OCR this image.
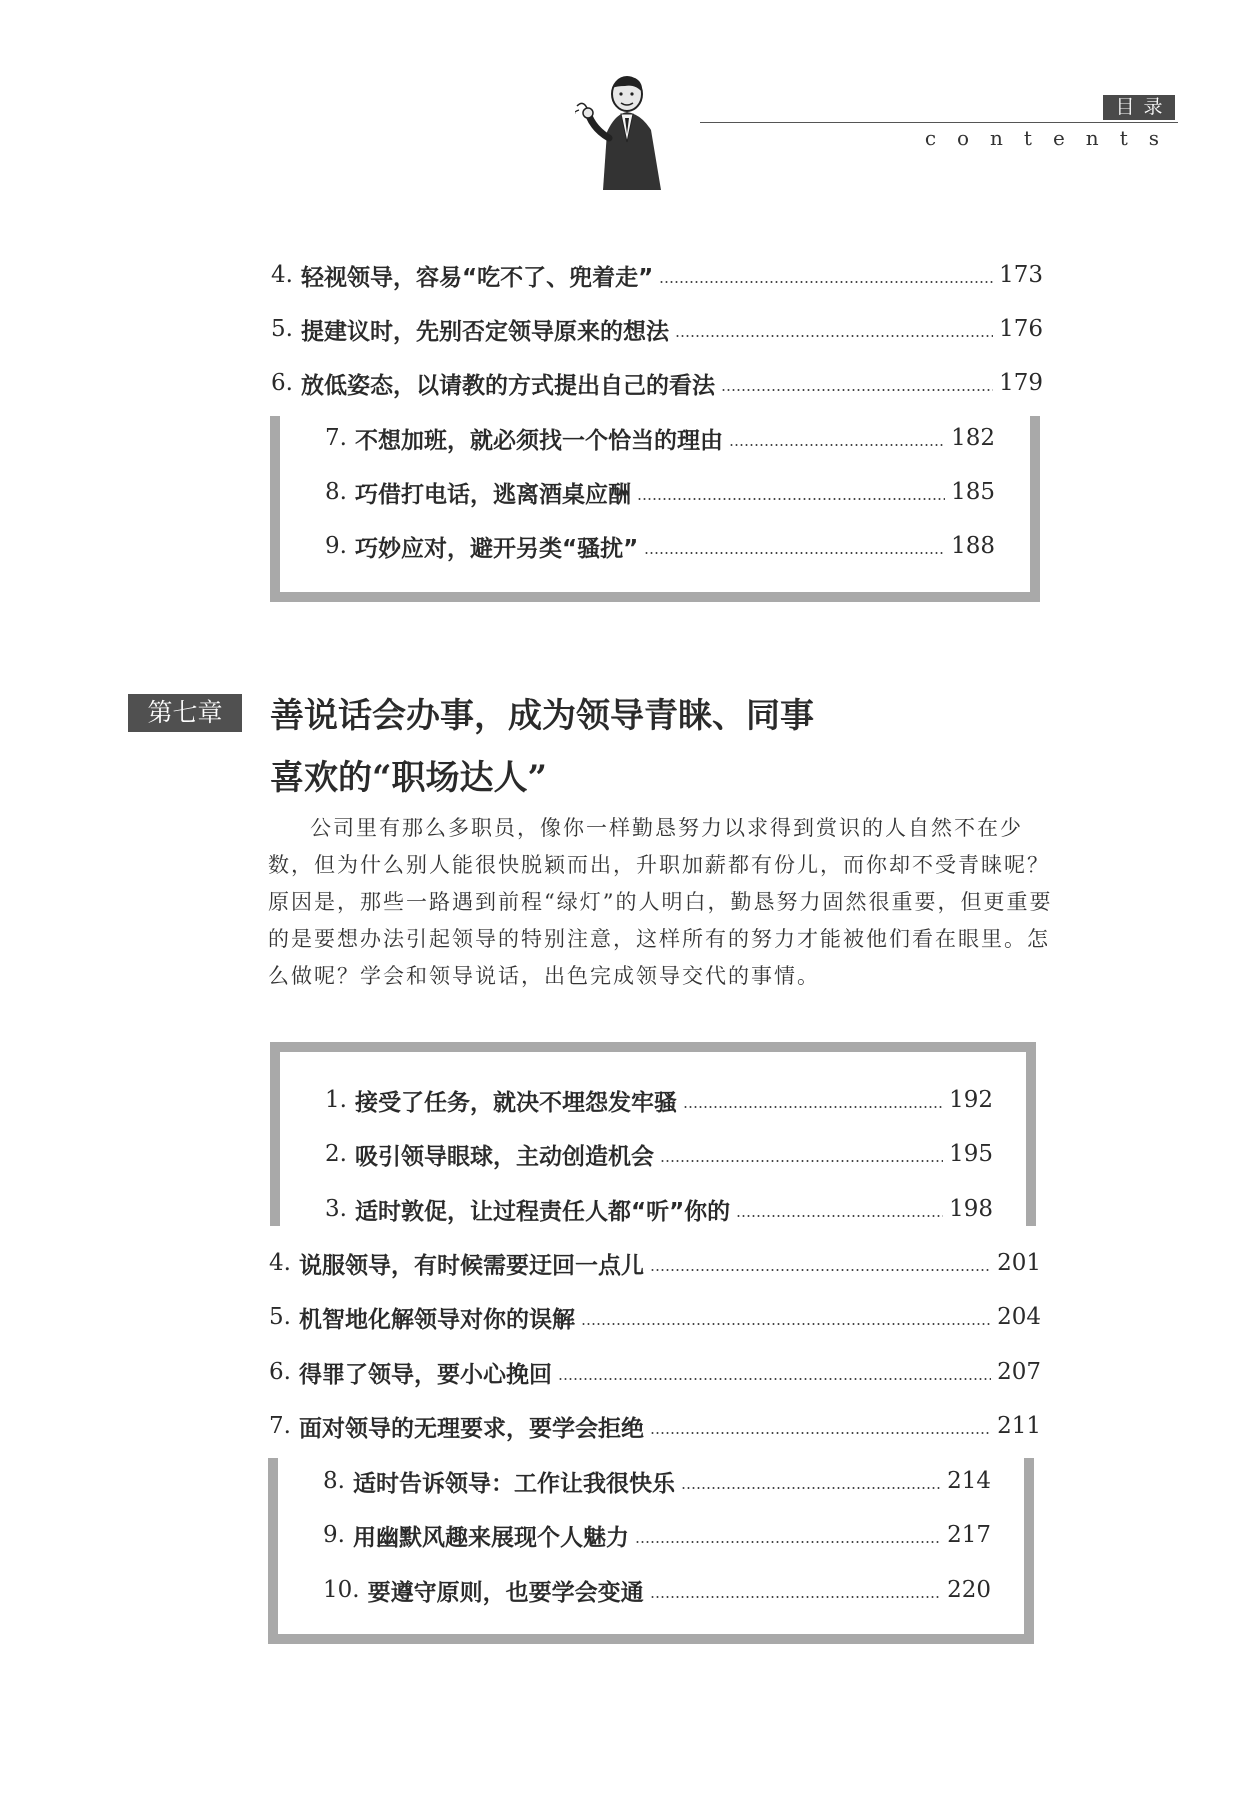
目录
contents
4. 轻视领导，容易“吃不了、兜着走”	173
5. 提建议时，先别否定领导原来的想法	176
6. 放低姿态，以请教的方式提出自己的看法	179
7. 不想加班，就必须找一个恰当的理由	182
8. 巧借打电话，逃离酒桌应酬	185
9. 巧妙应对，避开另类“骚扰”	188
第七章	善说话会办事，成为领导青睐、同事
喜欢的“职场达人”
公司里有那么多职员，像你一样勤恳努力以求得到赏识的人自然不在少
数，但为什么别人能很快脱颖而出，升职加薪都有份儿，而你却不受青睐呢？
原因是，那些一路遇到前程“绿灯”的人明白，勤恳努力固然很重要，但更重要
的是要想办法引起领导的特别注意，这样所有的努力才能被他们看在眼里。怎
么做呢？学会和领导说话，出色完成领导交代的事情。
1. 接受了任务，就决不埋怨发牢骚	192
2. 吸引领导眼球，主动创造机会	195
3. 适时敦促，让过程责任人都“听”你的	198
4. 说服领导，有时候需要迂回一点儿	201
5. 机智地化解领导对你的误解	204
6. 得罪了领导，要小心挽回	207
7. 面对领导的无理要求，要学会拒绝	211
8. 适时告诉领导：工作让我很快乐	214
9. 用幽默风趣来展现个人魅力	217
10. 要遵守原则，也要学会变通	220
